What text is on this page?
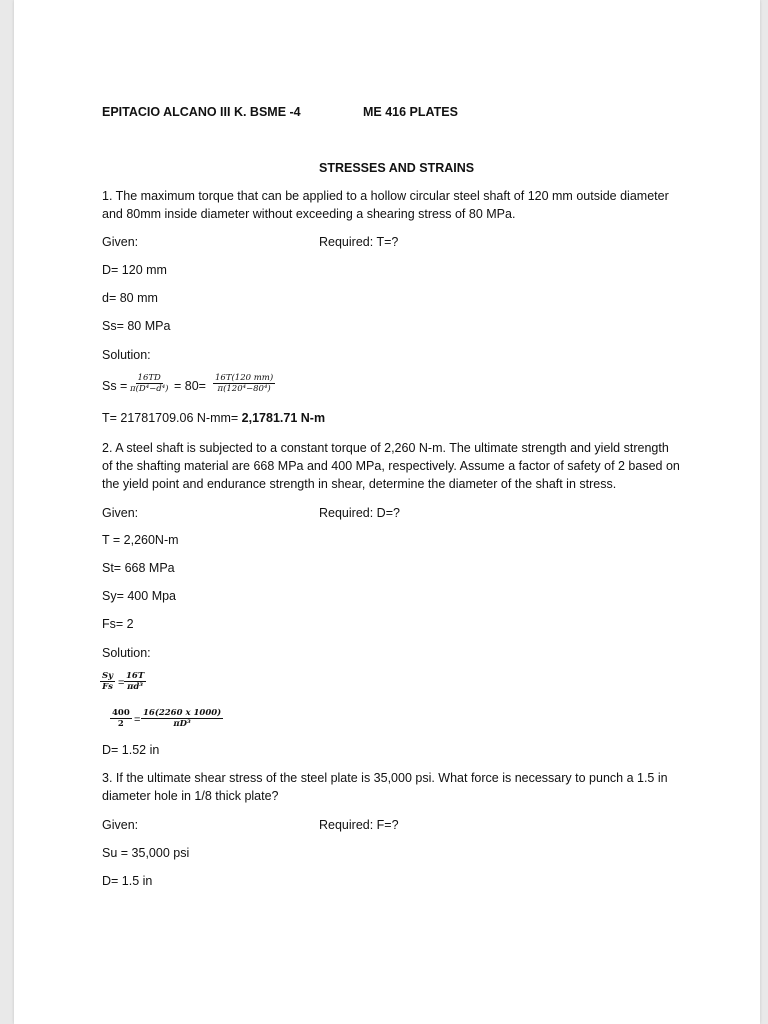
EPITACIO ALCANO III K. BSME -4	ME 416 PLATES
STRESSES AND STRAINS
1. The maximum torque that can be applied to a hollow circular steel shaft of 120 mm outside diameter
and 80mm inside diameter without exceeding a shearing stress of 80 MPa.
Given:	Required: T=?
D= 120 mm
d= 80 mm
Ss= 80 MPa
Solution:
$Ss = \frac{16TD}{\text{π(D⁴−d⁴)}} = 80= \frac{16T(120 mm)}{\text{π(120⁴−80⁴)}}$
T= 21781709.06 N-mm= 2,1781.71 N-m
2. A steel shaft is subjected to a constant torque of 2,260 N-m. The ultimate strength and yield strength
of the shafting material are 668 MPa and 400 MPa, respectively. Assume a factor of safety of 2 based on
the yield point and endurance strength in shear, determine the diameter of the shaft in stress.
Given:	Required: D=?
T = 2,260N-m
St= 668 MPa
Sy= 400 Mpa
Fs= 2
Solution:
$\frac{Sy}{Fs} = \frac{16T}{\text{πd³}}$
$\frac{400}{2} = \frac{16(2260 x 1000)}{\text{πD³}}$
D= 1.52 in
3. If the ultimate shear stress of the steel plate is 35,000 psi. What force is necessary to punch a 1.5 in
diameter hole in 1/8 thick plate?
Given:	Required: F=?
Su = 35,000 psi
D= 1.5 in
